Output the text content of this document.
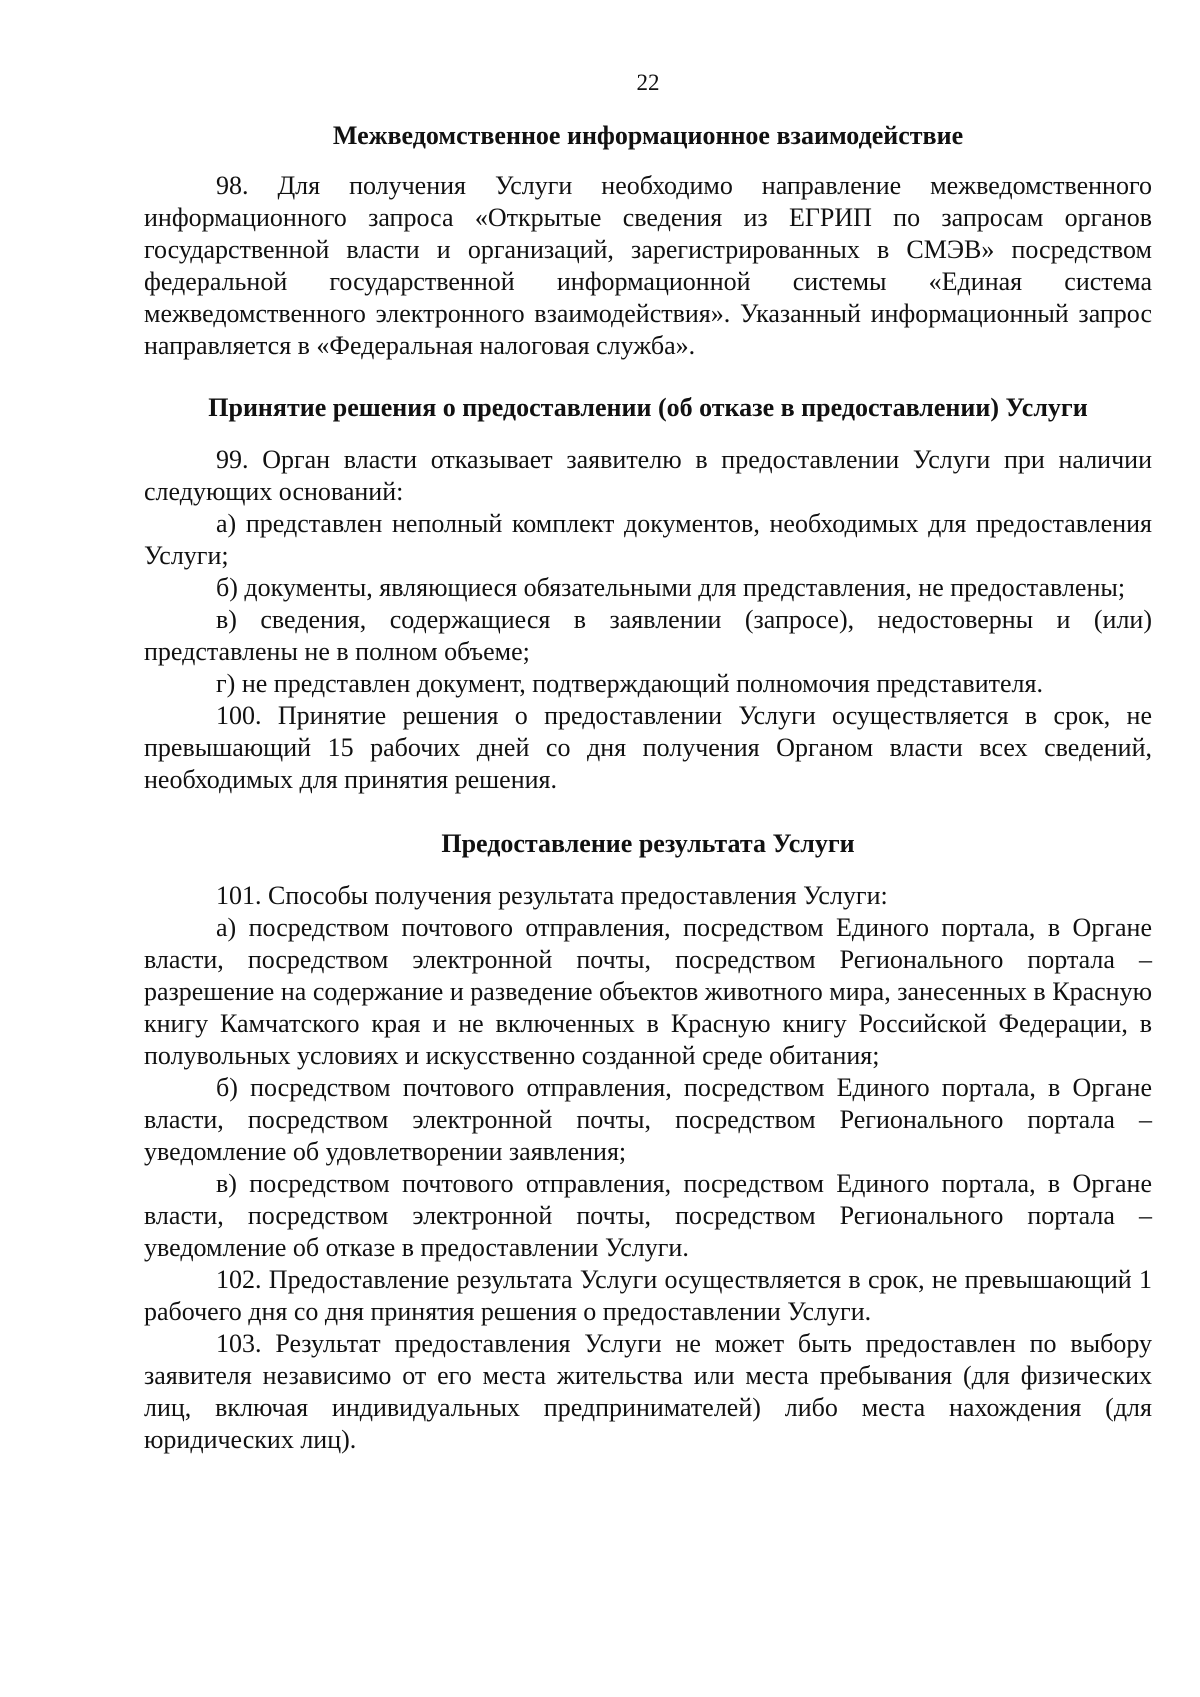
22
Межведомственное информационное взаимодействие

98. Для получения Услуги необходимо направление межведомственного информационного запроса «Открытые сведения из ЕГРИП по запросам органов государственной власти и организаций, зарегистрированных в СМЭВ» посредством федеральной государственной информационной системы «Единая система межведомственного электронного взаимодействия». Указанный информационный запрос направляется в «Федеральная налоговая служба».

Принятие решения о предоставлении (об отказе в предоставлении) Услуги

99. Орган власти отказывает заявителю в предоставлении Услуги при наличии следующих оснований:

а) представлен неполный комплект документов, необходимых для предоставления Услуги;

б) документы, являющиеся обязательными для представления, не предоставлены;

в) сведения, содержащиеся в заявлении (запросе), недостоверны и (или) представлены не в полном объеме;

г) не представлен документ, подтверждающий полномочия представителя.

100. Принятие решения о предоставлении Услуги осуществляется в срок, не превышающий 15 рабочих дней со дня получения Органом власти всех сведений, необходимых для принятия решения.

Предоставление результата Услуги

101. Способы получения результата предоставления Услуги:

а) посредством почтового отправления, посредством Единого портала, в Органе власти, посредством электронной почты, посредством Регионального портала – разрешение на содержание и разведение объектов животного мира, занесенных в Красную книгу Камчатского края и не включенных в Красную книгу Российской Федерации, в полувольных условиях и искусственно созданной среде обитания;

б) посредством почтового отправления, посредством Единого портала, в Органе власти, посредством электронной почты, посредством Регионального портала – уведомление об удовлетворении заявления;

в) посредством почтового отправления, посредством Единого портала, в Органе власти, посредством электронной почты, посредством Регионального портала – уведомление об отказе в предоставлении Услуги.

102. Предоставление результата Услуги осуществляется в срок, не превышающий 1 рабочего дня со дня принятия решения о предоставлении Услуги.

103. Результат предоставления Услуги не может быть предоставлен по выбору заявителя независимо от его места жительства или места пребывания (для физических лиц, включая индивидуальных предпринимателей) либо места нахождения (для юридических лиц).
